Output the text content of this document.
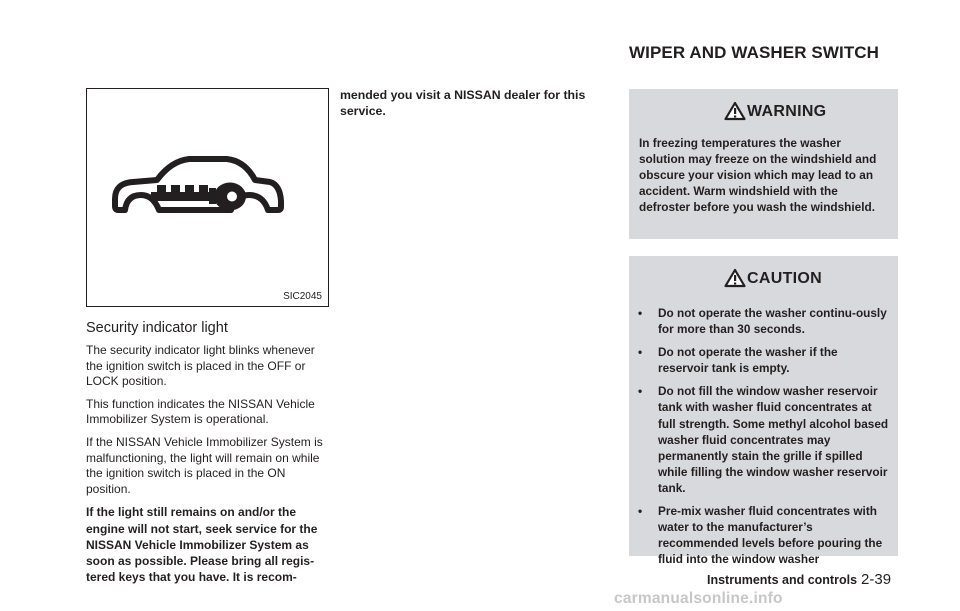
WIPER AND WASHER SWITCH
SIC2045
Security indicator light

The security indicator light blinks whenever the ignition switch is placed in the OFF or LOCK position.

This function indicates the NISSAN Vehicle Immobilizer System is operational.

If the NISSAN Vehicle Immobilizer System is malfunctioning, the light will remain on while the ignition switch is placed in the ON position.

If the light still remains on and/or the engine will not start, seek service for the NISSAN Vehicle Immobilizer System as soon as possible. Please bring all regis-tered keys that you have. It is recom-

mended you visit a NISSAN dealer for this service.	WARNING

In freezing temperatures the washer solution may freeze on the windshield and obscure your vision which may lead to an accident. Warm windshield with the defroster before you wash the windshield.

CAUTION
• Do not operate the washer continu-ously for more than 30 seconds.
• Do not operate the washer if the reservoir tank is empty.
• Do not fill the window washer reservoir tank with washer fluid concentrates at full strength. Some methyl alcohol based washer fluid concentrates may permanently stain the grille if spilled while filling the window washer reservoir tank.
• Pre-mix washer fluid concentrates with water to the manufacturer’s recommended levels before pouring the fluid into the window washer
Instruments and controls 2-39
carmanualsonline.info
